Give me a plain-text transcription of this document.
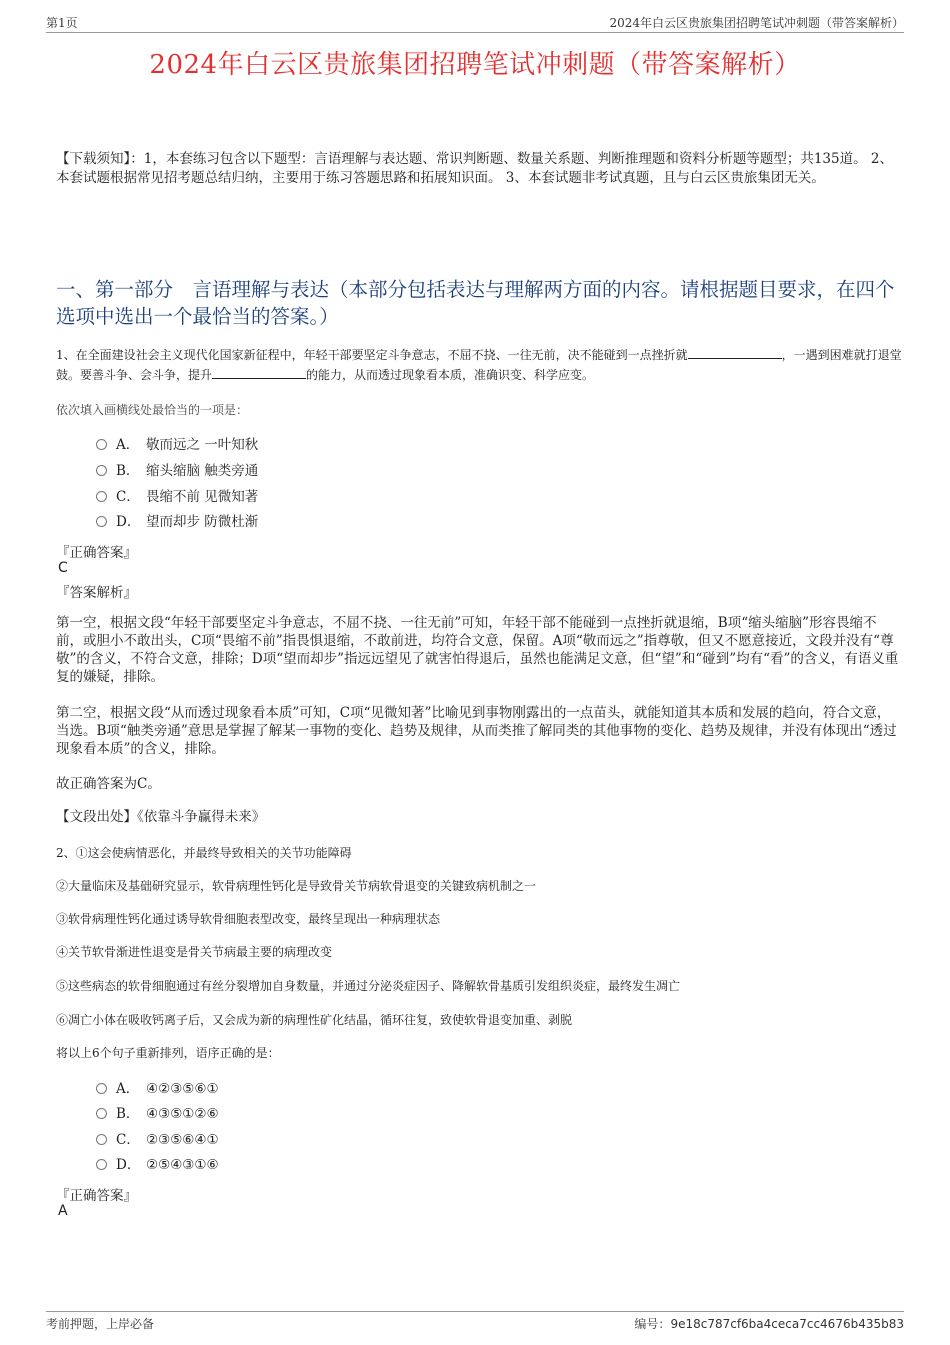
第1页	2024年白云区贵旅集团招聘笔试冲刺题（带答案解析）
2024年白云区贵旅集团招聘笔试冲刺题（带答案解析）
【下载须知】：1，本套练习包含以下题型：言语理解与表达题、常识判断题、数量关系题、判断推理题和资料分析题等题型；共135道。 2、本套试题根据常见招考题总结归纳，主要用于练习答题思路和拓展知识面。 3、本套试题非考试真题，且与白云区贵旅集团无关。
一、第一部分　言语理解与表达（本部分包括表达与理解两方面的内容。请根据题目要求，在四个选项中选出一个最恰当的答案。）
1、在全面建设社会主义现代化国家新征程中，年轻干部要坚定斗争意志，不屈不挠、一往无前，决不能碰到一点挫折就	，一遇到困难就打退堂鼓。要善斗争、会斗争，提升	的能力，从而透过现象看本质，准确识变、科学应变。
依次填入画横线处最恰当的一项是：
A． 敬而远之 一叶知秋
B． 缩头缩脑 触类旁通
C． 畏缩不前 见微知著
D． 望而却步 防微杜渐
『正确答案』
C
『答案解析』
第一空，根据文段“年轻干部要坚定斗争意志，不屈不挠、一往无前”可知，年轻干部不能碰到一点挫折就退缩，B项“缩头缩脑”形容畏缩不前，或胆小不敢出头，C项“畏缩不前”指畏惧退缩，不敢前进，均符合文意，保留。A项“敬而远之”指尊敬，但又不愿意接近，文段并没有“尊敬”的含义，不符合文意，排除；D项“望而却步”指远远望见了就害怕得退后，虽然也能满足文意，但“望”和“碰到”均有“看”的含义，有语义重复的嫌疑，排除。
第二空，根据文段“从而透过现象看本质”可知，C项“见微知著”比喻见到事物刚露出的一点苗头，就能知道其本质和发展的趋向，符合文意，当选。B项“触类旁通”意思是掌握了解某一事物的变化、趋势及规律，从而类推了解同类的其他事物的变化、趋势及规律，并没有体现出“透过现象看本质”的含义，排除。
故正确答案为C。
【文段出处】《依靠斗争赢得未来》
2、①这会使病情恶化，并最终导致相关的关节功能障碍
②大量临床及基础研究显示，软骨病理性钙化是导致骨关节病软骨退变的关键致病机制之一
③软骨病理性钙化通过诱导软骨细胞表型改变，最终呈现出一种病理状态
④关节软骨渐进性退变是骨关节病最主要的病理改变
⑤这些病态的软骨细胞通过有丝分裂增加自身数量，并通过分泌炎症因子、降解软骨基质引发组织炎症，最终发生凋亡
⑥凋亡小体在吸收钙离子后，又会成为新的病理性矿化结晶，循环往复，致使软骨退变加重、剥脱
将以上6个句子重新排列，语序正确的是：
A． ④②③⑤⑥①
B． ④③⑤①②⑥
C． ②③⑤⑥④①
D． ②⑤④③①⑥
『正确答案』
A
考前押题，上岸必备	编号：9e18c787cf6ba4ceca7cc4676b435b83
